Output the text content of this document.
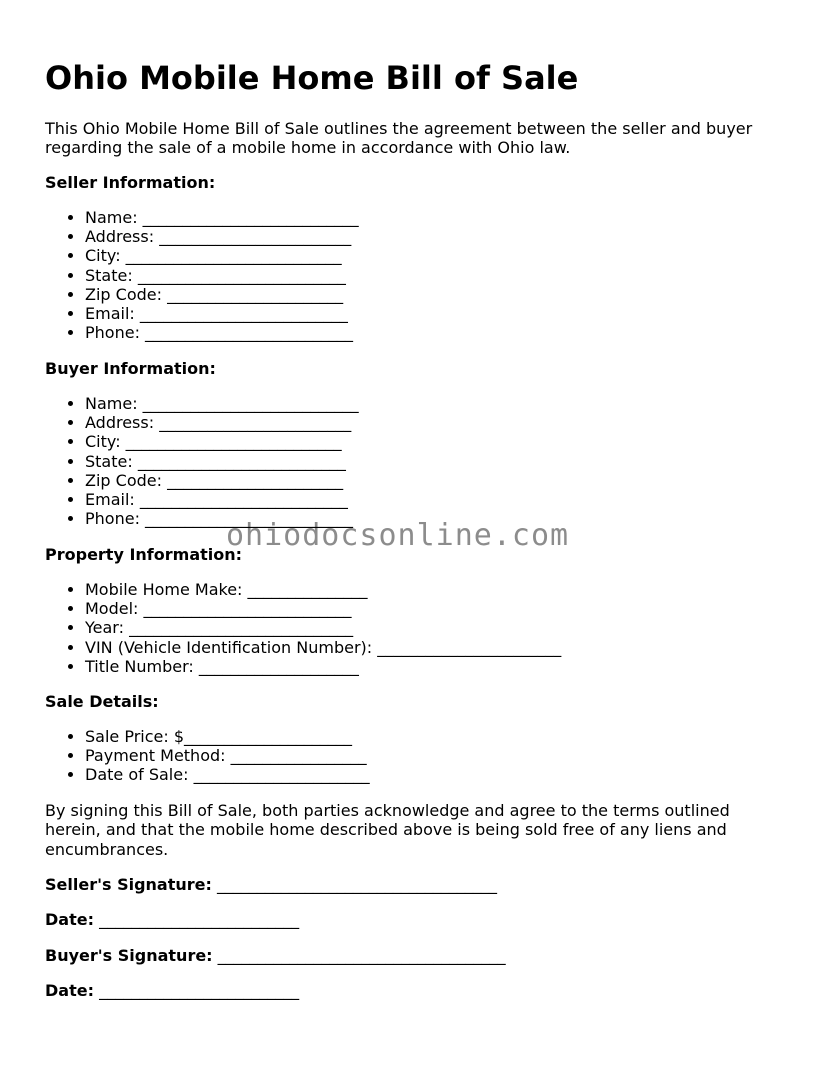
Ohio Mobile Home Bill of Sale

This Ohio Mobile Home Bill of Sale outlines the agreement between the seller and buyer regarding the sale of a mobile home in accordance with Ohio law.

Seller Information:

• Name: ___________________________
• Address: ________________________
• City: ___________________________
• State: __________________________
• Zip Code: ______________________
• Email: __________________________
• Phone: __________________________

Buyer Information:

• Name: ___________________________
• Address: ________________________
• City: ___________________________
• State: __________________________
• Zip Code: ______________________
• Email: __________________________
• Phone: __________________________

Property Information:

• Mobile Home Make: _______________
• Model: __________________________
• Year: ____________________________
• VIN (Vehicle Identification Number): _______________________
• Title Number: ____________________

Sale Details:

• Sale Price: $_____________________
• Payment Method: _________________
• Date of Sale: ______________________

By signing this Bill of Sale, both parties acknowledge and agree to the terms outlined herein, and that the mobile home described above is being sold free of any liens and encumbrances.

Seller's Signature: ___________________________________

Date: _________________________

Buyer's Signature: ____________________________________

Date: _________________________

ohiodocsonline.com
